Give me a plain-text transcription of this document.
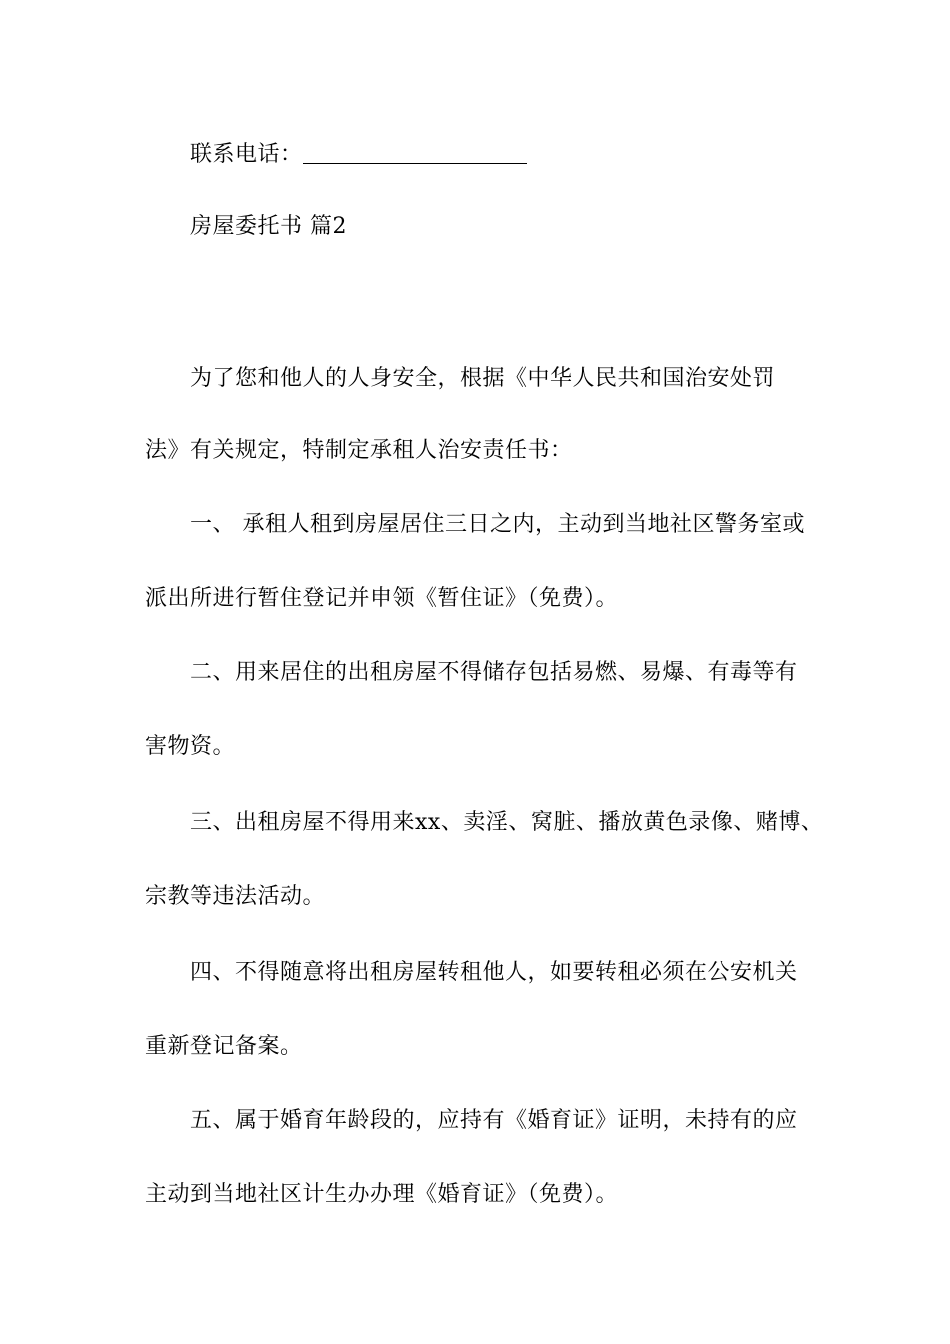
联系电话：
房屋委托书 篇2
为了您和他人的人身安全，根据《中华人民共和国治安处罚
法》有关规定，特制定承租人治安责任书：
一、 承租人租到房屋居住三日之内，主动到当地社区警务室或
派出所进行暂住登记并申领《暂住证》（免费）。
二、用来居住的出租房屋不得储存包括易燃、易爆、有毒等有
害物资。
三、出租房屋不得用来xx、卖淫、窝脏、播放黄色录像、赌博、
宗教等违法活动。
四、不得随意将出租房屋转租他人，如要转租必须在公安机关
重新登记备案。
五、属于婚育年龄段的，应持有《婚育证》证明，未持有的应
主动到当地社区计生办办理《婚育证》（免费）。
